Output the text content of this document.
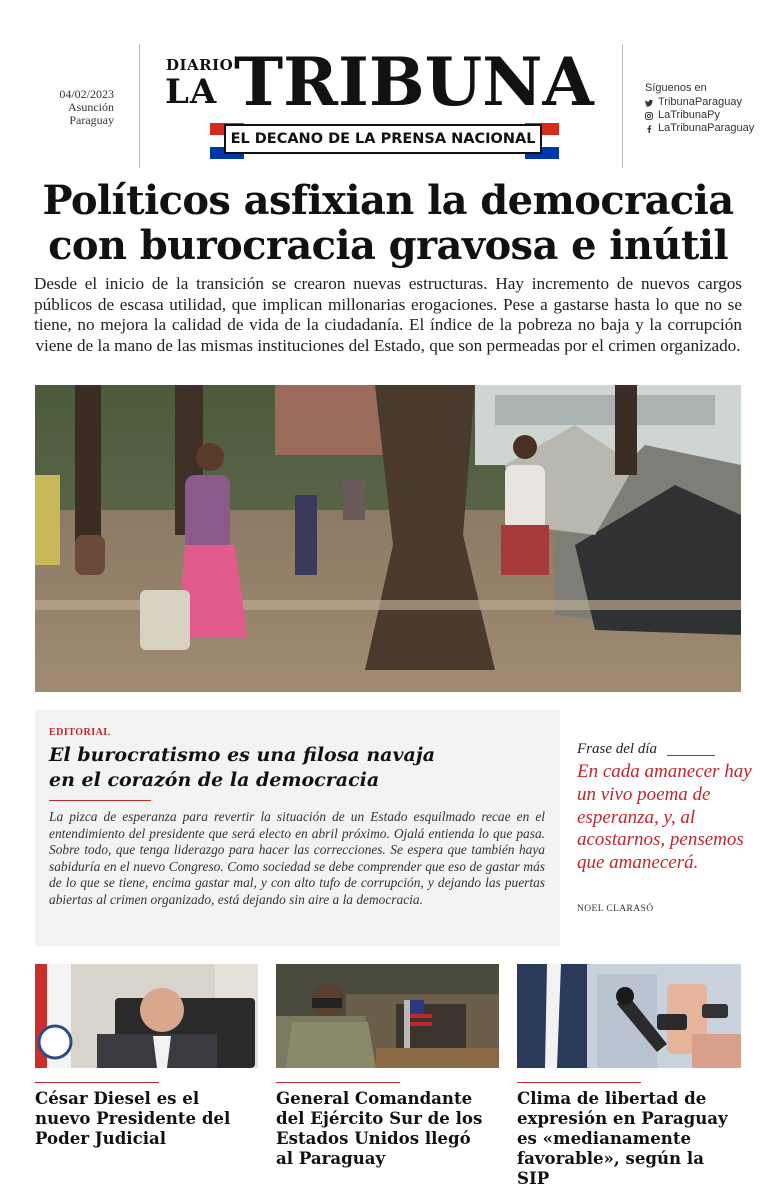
04/02/2023
Asunción
Paraguay
DIARIO
LA TRIBUNA
EL DECANO DE LA PRENSA NACIONAL
Síguenos en
TribunaParaguay
LaTribunaPy
LaTribunaParaguay
Políticos asfixian la democracia
con burocracia gravosa e inútil

Desde el inicio de la transición se crearon nuevas estructuras. Hay incremento de nuevos cargos públicos de escasa utilidad, que implican millonarias erogaciones. Pese a gastarse hasta lo que no se tiene, no mejora la calidad de vida de la ciudadanía. El índice de la pobreza no baja y la corrupción viene de la mano de las mismas instituciones del Estado, que son permeadas por el crimen organizado.

EDITORIAL
El burocratismo es una filosa navaja
en el corazón de la democracia

La pizca de esperanza para revertir la situación de un Estado esquilmado recae en el entendimiento del presidente que será electo en abril próximo. Ojalá entienda lo que pasa. Sobre todo, que tenga liderazgo para hacer las correcciones. Se espera que también haya sabiduría en el nuevo Congreso. Como sociedad se debe comprender que eso de gastar más de lo que se tiene, encima gastar mal, y con alto tufo de corrupción, y dejando las puertas abiertas al crimen organizado, está dejando sin aire a la democracia.

Frase del día
En cada amanecer hay un vivo poema de esperanza, y, al acostarnos, pensemos que amanecerá.
NOEL CLARASÓ
César Diesel es el nuevo Presidente del Poder Judicial
General Comandante del Ejército Sur de los Estados Unidos llegó al Paraguay
Clima de libertad de expresión en Paraguay es «medianamente favorable», según la SIP
